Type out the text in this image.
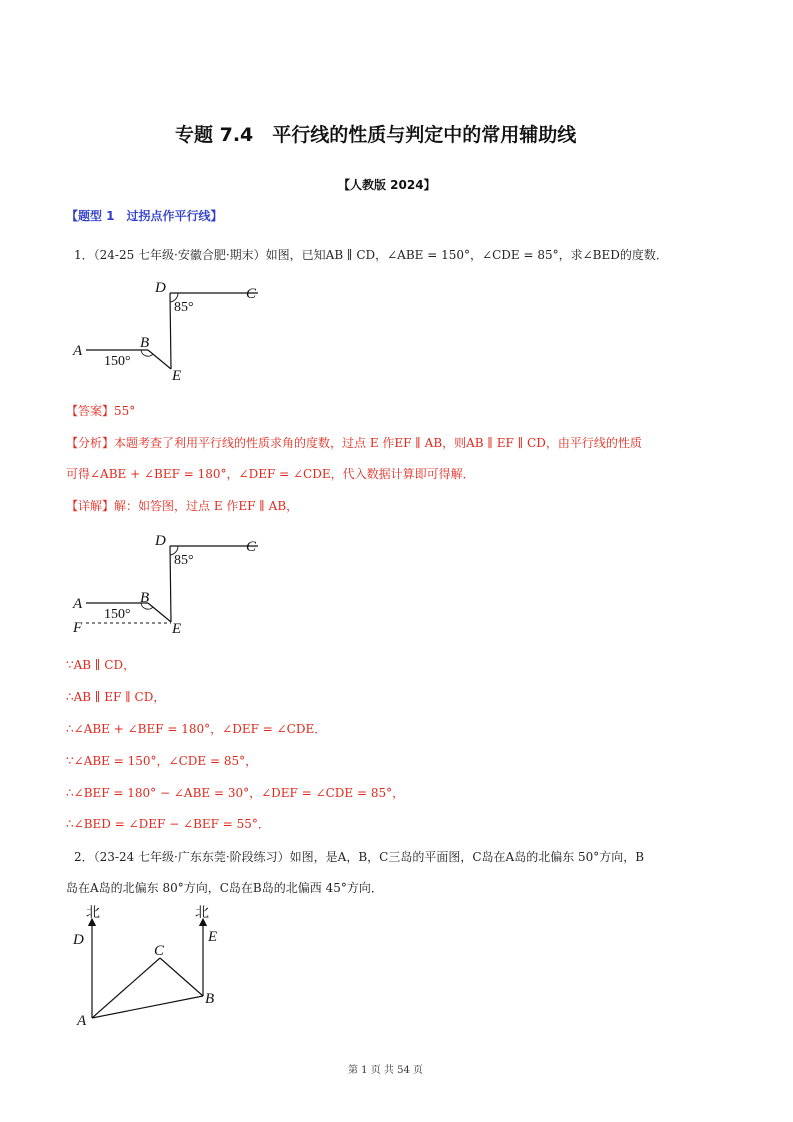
专题 7.4　平行线的性质与判定中的常用辅助线
【人教版 2024】
【题型 1　过拐点作平行线】
1．（24-25 七年级·安徽合肥·期末）如图，已知AB ∥ CD，∠ABE = 150°，∠CDE = 85°，求∠BED的度数．
D	C
A	B
E
85°
150°
【答案】55°
【分析】本题考查了利用平行线的性质求角的度数，过点 E 作EF ∥ AB，则AB ∥ EF ∥ CD，由平行线的性质
可得∠ABE + ∠BEF = 180°，∠DEF = ∠CDE，代入数据计算即可得解．
【详解】解：如答图，过点 E 作EF ∥ AB，
D	C
A	B
E
F
85°
150°
∵AB ∥ CD，
∴AB ∥ EF ∥ CD，
∴∠ABE + ∠BEF = 180°，∠DEF = ∠CDE．
∵∠ABE = 150°，∠CDE = 85°，
∴∠BEF = 180° − ∠ABE = 30°，∠DEF = ∠CDE = 85°，
∴∠BED = ∠DEF − ∠BEF = 55°．
2．（23-24 七年级·广东东莞·阶段练习）如图，是A，B，C三岛的平面图，C岛在A岛的北偏东 50°方向，B
岛在A岛的北偏东 80°方向，C岛在B岛的北偏西 45°方向．
北	北
D	E
C
A
B
第 1 页 共 54 页
